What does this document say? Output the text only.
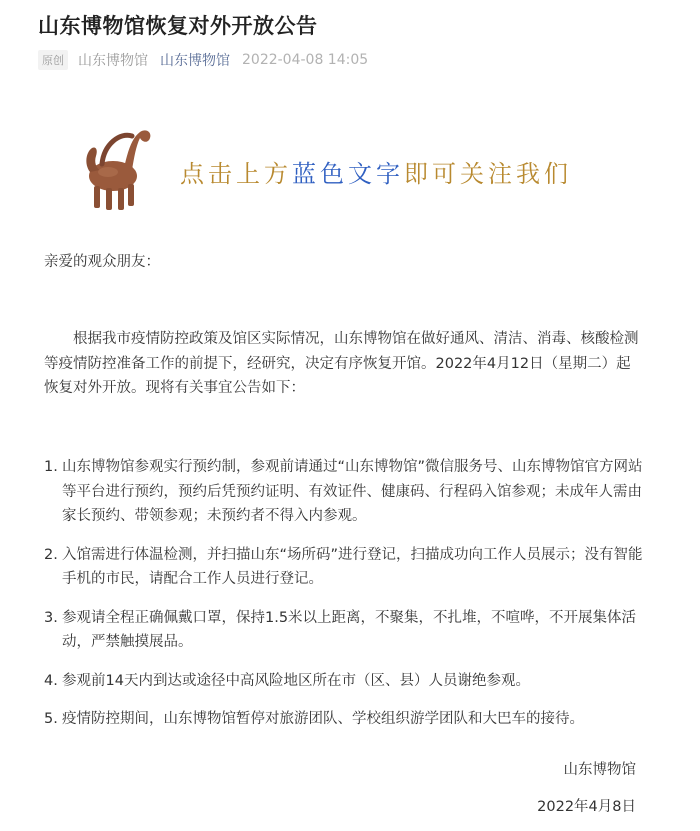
山东博物馆恢复对外开放公告
原创 山东博物馆 山东博物馆 2022-04-08 14:05
点击上方蓝色文字即可关注我们
亲爱的观众朋友：
根据我市疫情防控政策及馆区实际情况，山东博物馆在做好通风、清洁、消毒、核酸检测等疫情防控准备工作的前提下，经研究，决定有序恢复开馆。2022年4月12日（星期二）起恢复对外开放。现将有关事宜公告如下：
1. 山东博物馆参观实行预约制，参观前请通过“山东博物馆”微信服务号、山东博物馆官方网站等平台进行预约，预约后凭预约证明、有效证件、健康码、行程码入馆参观；未成年人需由家长预约、带领参观；未预约者不得入内参观。
2. 入馆需进行体温检测，并扫描山东“场所码”进行登记，扫描成功向工作人员展示；没有智能手机的市民，请配合工作人员进行登记。
3. 参观请全程正确佩戴口罩，保持1.5米以上距离，不聚集，不扎堆，不喧哗，不开展集体活动，严禁触摸展品。
4. 参观前14天内到达或途径中高风险地区所在市（区、县）人员谢绝参观。
5. 疫情防控期间，山东博物馆暂停对旅游团队、学校组织游学团队和大巴车的接待。
山东博物馆
2022年4月8日
